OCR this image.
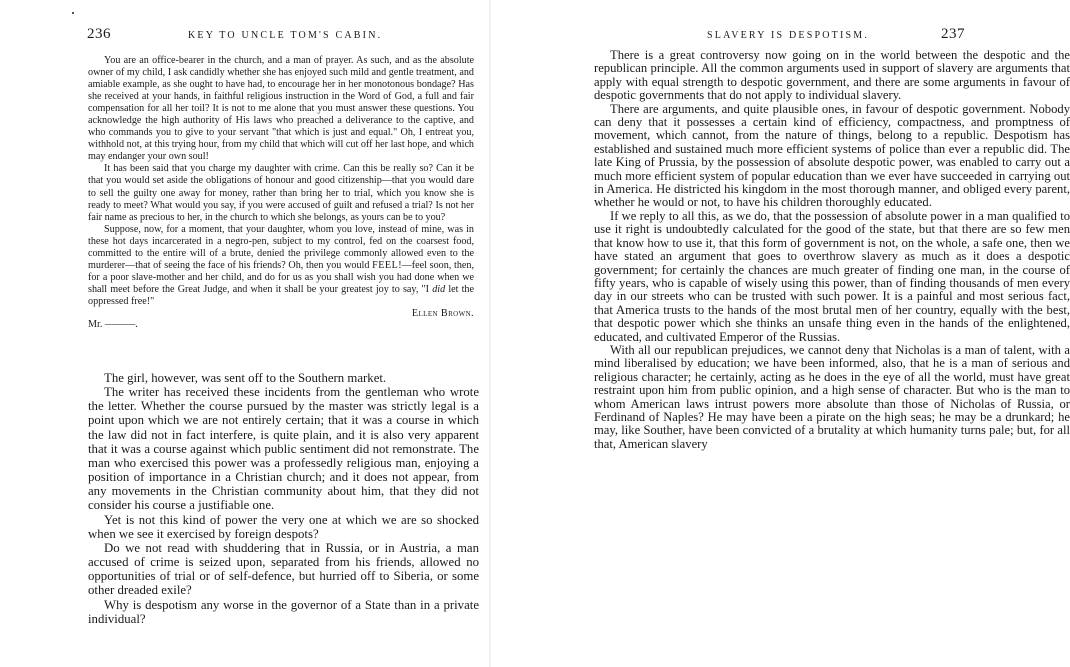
236	KEY TO UNCLE TOM'S CABIN.

You are an office-bearer in the church, and a man of prayer. As such, and as the absolute owner of my child, I ask candidly whether she has enjoyed such mild and gentle treatment, and amiable example, as she ought to have had, to encourage her in her monotonous bondage? Has she received at your hands, in faithful religious instruction in the Word of God, a full and fair compensation for all her toil? It is not to me alone that you must answer these questions. You acknowledge the high authority of His laws who preached a deliverance to the captive, and who commands you to give to your servant "that which is just and equal." Oh, I entreat you, withhold not, at this trying hour, from my child that which will cut off her last hope, and which may endanger your own soul!

It has been said that you charge my daughter with crime. Can this be really so? Can it be that you would set aside the obligations of honour and good citizenship—that you would dare to sell the guilty one away for money, rather than bring her to trial, which you know she is ready to meet? What would you say, if you were accused of guilt and refused a trial? Is not her fair name as precious to her, in the church to which she belongs, as yours can be to you?

Suppose, now, for a moment, that your daughter, whom you love, instead of mine, was in these hot days incarcerated in a negro-pen, subject to my control, fed on the coarsest food, committed to the entire will of a brute, denied the privilege commonly allowed even to the murderer—that of seeing the face of his friends? Oh, then you would FEEL!—feel soon, then, for a poor slave-mother and her child, and do for us as you shall wish you had done when we shall meet before the Great Judge, and when it shall be your greatest joy to say, "I did let the oppressed free!"

Ellen Brown.

Mr. ———.

The girl, however, was sent off to the Southern market.

The writer has received these incidents from the gentleman who wrote the letter. Whether the course pursued by the master was strictly legal is a point upon which we are not entirely certain; that it was a course in which the law did not in fact interfere, is quite plain, and it is also very apparent that it was a course against which public sentiment did not remonstrate. The man who exercised this power was a professedly religious man, enjoying a position of importance in a Christian church; and it does not appear, from any movements in the Christian community about him, that they did not consider his course a justifiable one.

Yet is not this kind of power the very one at which we are so shocked when we see it exercised by foreign despots?

Do we not read with shuddering that in Russia, or in Austria, a man accused of crime is seized upon, separated from his friends, allowed no opportunities of trial or of self-defence, but hurried off to Siberia, or some other dreaded exile?

Why is despotism any worse in the governor of a State than in a private individual?

SLAVERY IS DESPOTISM.	237

There is a great controversy now going on in the world between the despotic and the republican principle. All the common arguments used in support of slavery are arguments that apply with equal strength to despotic government, and there are some arguments in favour of despotic governments that do not apply to individual slavery.

There are arguments, and quite plausible ones, in favour of despotic government. Nobody can deny that it possesses a certain kind of efficiency, compactness, and promptness of movement, which cannot, from the nature of things, belong to a republic. Despotism has established and sustained much more efficient systems of police than ever a republic did. The late King of Prussia, by the possession of absolute despotic power, was enabled to carry out a much more efficient system of popular education than we ever have succeeded in carrying out in America. He districted his kingdom in the most thorough manner, and obliged every parent, whether he would or not, to have his children thoroughly educated.

If we reply to all this, as we do, that the possession of absolute power in a man qualified to use it right is undoubtedly calculated for the good of the state, but that there are so few men that know how to use it, that this form of government is not, on the whole, a safe one, then we have stated an argument that goes to overthrow slavery as much as it does a despotic government; for certainly the chances are much greater of finding one man, in the course of fifty years, who is capable of wisely using this power, than of finding thousands of men every day in our streets who can be trusted with such power. It is a painful and most serious fact, that America trusts to the hands of the most brutal men of her country, equally with the best, that despotic power which she thinks an unsafe thing even in the hands of the enlightened, educated, and cultivated Emperor of the Russias.

With all our republican prejudices, we cannot deny that Nicholas is a man of talent, with a mind liberalised by education; we have been informed, also, that he is a man of serious and religious character; he certainly, acting as he does in the eye of all the world, must have great restraint upon him from public opinion, and a high sense of character. But who is the man to whom American laws intrust powers more absolute than those of Nicholas of Russia, or Ferdinand of Naples? He may have been a pirate on the high seas; he may be a drunkard; he may, like Souther, have been convicted of a brutality at which humanity turns pale; but, for all that, American slavery
